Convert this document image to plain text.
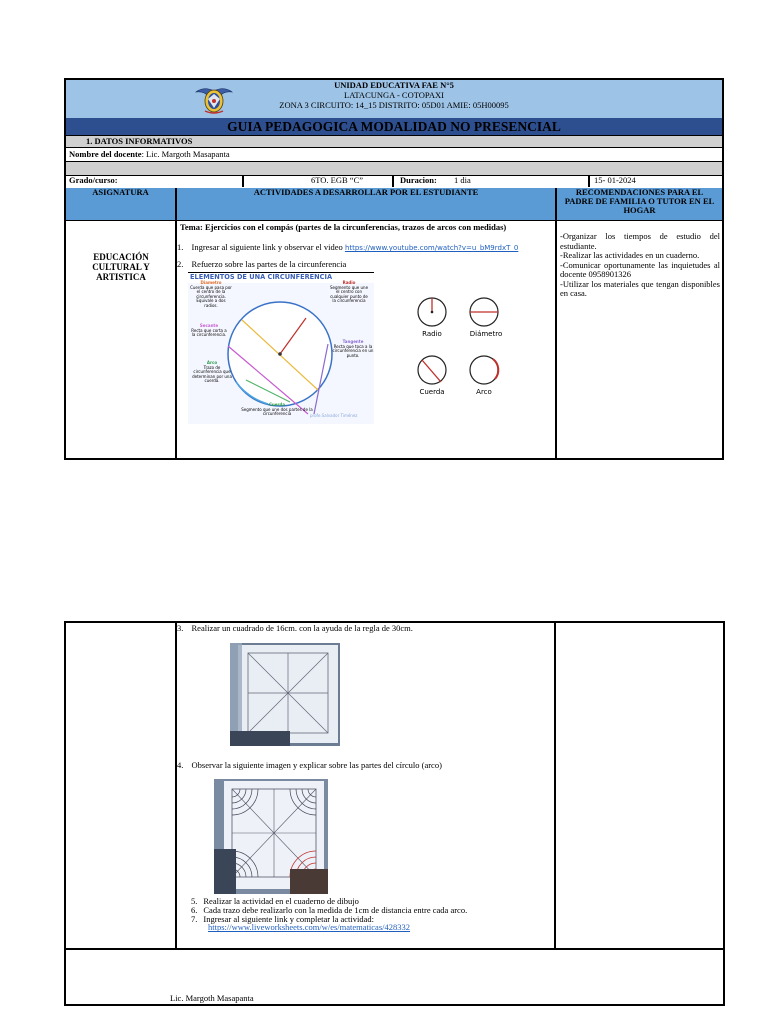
UNIDAD EDUCATIVA FAE N°5
LATACUNGA - COTOPAXI
ZONA 3 CIRCUITO: 14_15 DISTRITO: 05D01 AMIE: 05H00095
GUIA PEDAGOGICA MODALIDAD NO PRESENCIAL
1. DATOS INFORMATIVOS
Nombre del docente: Lic. Margoth Masapanta
Grado/curso:	6TO. EGB “C”	Duracion: 1 dia	15- 01-2024
ASIGNATURA	ACTIVIDADES A DESARROLLAR POR EL ESTUDIANTE	RECOMENDACIONES PARA EL PADRE DE FAMILIA O TUTOR EN EL HOGAR
EDUCACIÓN CULTURAL Y ARTISTICA
Tema: Ejercicios con el compás (partes de la circunferencias, trazos de arcos con medidas)
1. Ingresar al siguiente link y observar el video https://www.youtube.com/watch?v=u_bM9rdxT_0
2. Refuerzo sobre las partes de la circunferencia
ELEMENTOS DE UNA CIRCUNFERENCIA
Diametro
Cuerda que pasa por el centro de la circunferencia. Equivale a dos radios.
Radio
Segmento que une el centro con cualquier punto de la circunferencia
Secante
Recta que corta a la circunferencia.
Tangente
Recta que toca a la circunferencia en un punto.
Arco
Trazo de circunferencia que determinan por una cuerda.
Cuerda
Segmento que une dos partes de la circunferencia	profe.Salvador Timénez
Radio	Diámetro
Cuerda	Arco
-Organizar los tiempos de estudio del estudiante.
-Realizar las actividades en un cuaderno.
-Comunicar oportunamente las inquietudes al docente 0958901326
-Utilizar los materiales que tengan disponibles en casa.
3. Realizar un cuadrado de 16cm. con la ayuda de la regla de 30cm.
4. Observar la siguiente imagen y explicar sobre las partes del círculo (arco)
5. Realizar la actividad en el cuaderno de dibujo
6. Cada trazo debe realizarlo con la medida de 1cm de distancia entre cada arco.
7. Ingresar al siguiente link y completar la actividad:
https://www.liveworksheets.com/w/es/matematicas/428332
Lic. Margoth Masapanta
